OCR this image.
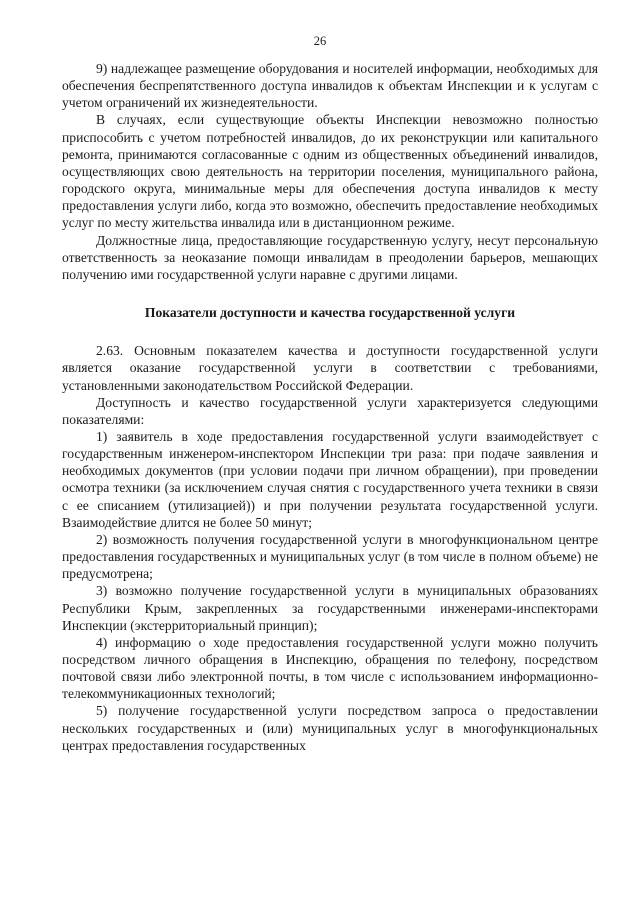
26

9) надлежащее размещение оборудования и носителей информации, необходимых для обеспечения беспрепятственного доступа инвалидов к объектам Инспекции и к услугам с учетом ограничений их жизнедеятельности.

В случаях, если существующие объекты Инспекции невозможно полностью приспособить с учетом потребностей инвалидов, до их реконструкции или капитального ремонта, принимаются согласованные с одним из общественных объединений инвалидов, осуществляющих свою деятельность на территории поселения, муниципального района, городского округа, минимальные меры для обеспечения доступа инвалидов к месту предоставления услуги либо, когда это возможно, обеспечить предоставление необходимых услуг по месту жительства инвалида или в дистанционном режиме.

Должностные лица, предоставляющие государственную услугу, несут персональную ответственность за неоказание помощи инвалидам в преодолении барьеров, мешающих получению ими государственной услуги наравне с другими лицами.

Показатели доступности и качества государственной услуги

2.63. Основным показателем качества и доступности государственной услуги является оказание государственной услуги в соответствии с требованиями, установленными законодательством Российской Федерации.

Доступность и качество государственной услуги характеризуется следующими показателями:

1) заявитель в ходе предоставления государственной услуги взаимодействует с государственным инженером-инспектором Инспекции три раза: при подаче заявления и необходимых документов (при условии подачи при личном обращении), при проведении осмотра техники (за исключением случая снятия с государственного учета техники в связи с ее списанием (утилизацией)) и при получении результата государственной услуги. Взаимодействие длится не более 50 минут;

2) возможность получения государственной услуги в многофункциональном центре предоставления государственных и муниципальных услуг (в том числе в полном объеме) не предусмотрена;

3) возможно получение государственной услуги в муниципальных образованиях Республики Крым, закрепленных за государственными инженерами-инспекторами Инспекции (экстерриториальный принцип);

4) информацию о ходе предоставления государственной услуги можно получить посредством личного обращения в Инспекцию, обращения по телефону, посредством почтовой связи либо электронной почты, в том числе с использованием информационно-телекоммуникационных технологий;

5) получение государственной услуги посредством запроса о предоставлении нескольких государственных и (или) муниципальных услуг в многофункциональных центрах предоставления государственных
